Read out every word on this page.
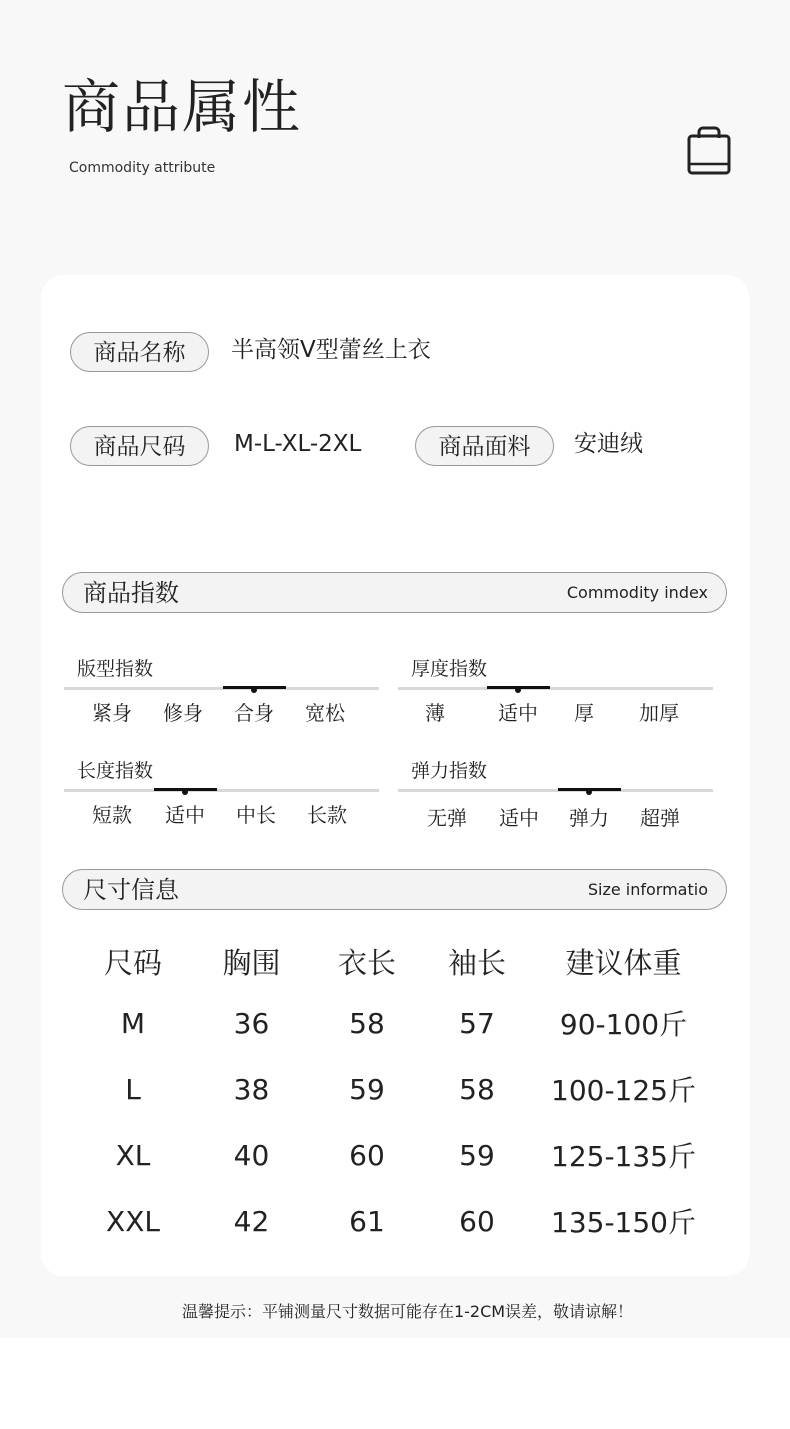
商品属性
Commodity attribute
商品名称	半高领V型蕾丝上衣
商品尺码	M-L-XL-2XL	商品面料	安迪绒
商品指数	Commodity index
版型指数
紧身	修身	合身	宽松
厚度指数
薄	适中	厚	加厚
长度指数
短款	适中	中长	长款
弹力指数
无弹	适中	弹力	超弹
尺寸信息	Size informatio
尺码	胸围	衣长	袖长	建议体重
M	36	58	57	90-100斤
L	38	59	58	100-125斤
XL	40	60	59	125-135斤
XXL	42	61	60	135-150斤
温馨提示：平铺测量尺寸数据可能存在1-2CM误差，敬请谅解！
